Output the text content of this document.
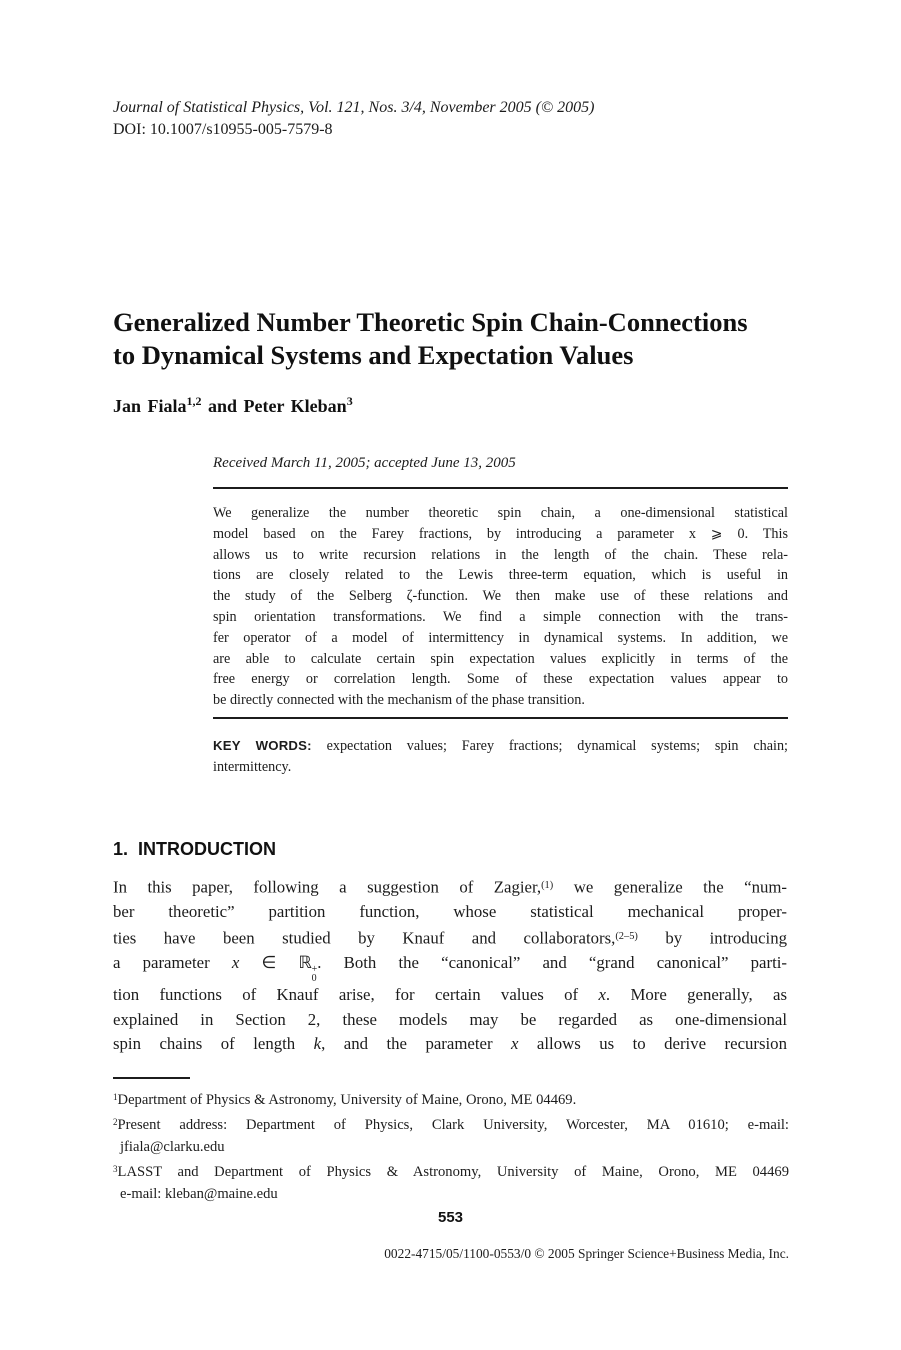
Journal of Statistical Physics, Vol. 121, Nos. 3/4, November 2005 (© 2005)
DOI: 10.1007/s10955-005-7579-8
Generalized Number Theoretic Spin Chain-Connections
to Dynamical Systems and Expectation Values
Jan Fiala$^{1,2}$ and Peter Kleban$^3$
Received March 11, 2005; accepted June 13, 2005
We generalize the number theoretic spin chain, a one-dimensional statistical
model based on the Farey fractions, by introducing a parameter x ⩾ 0. This
allows us to write recursion relations in the length of the chain. These rela-
tions are closely related to the Lewis three-term equation, which is useful in
the study of the Selberg ζ-function. We then make use of these relations and
spin orientation transformations. We find a simple connection with the trans-
fer operator of a model of intermittency in dynamical systems. In addition, we
are able to calculate certain spin expectation values explicitly in terms of the
free energy or correlation length. Some of these expectation values appear to
be directly connected with the mechanism of the phase transition.
KEY WORDS: expectation values; Farey fractions; dynamical systems; spin chain;
intermittency.
1. INTRODUCTION
In this paper, following a suggestion of Zagier,$^{(1)}$ we generalize the “num-
ber theoretic” partition function, whose statistical mechanical proper-
ties have been studied by Knauf and collaborators,$^{(2-5)}$ by introducing
a parameter x ∈ ℝ +
0
. Both the “canonical” and “grand canonical” parti-
tion functions of Knauf arise, for certain values of x. More generally, as
explained in Section 2, these models may be regarded as one-dimensional
spin chains of length k, and the parameter x allows us to derive recursion
$^1$Department of Physics & Astronomy, University of Maine, Orono, ME 04469.
$^2$Present address: Department of Physics, Clark University, Worcester, MA 01610; e-mail:
jfiala@clarku.edu
$^3$LASST and Department of Physics & Astronomy, University of Maine, Orono, ME 04469
e-mail: kleban@maine.edu
553
0022-4715/05/1100-0553/0 © 2005 Springer Science+Business Media, Inc.
